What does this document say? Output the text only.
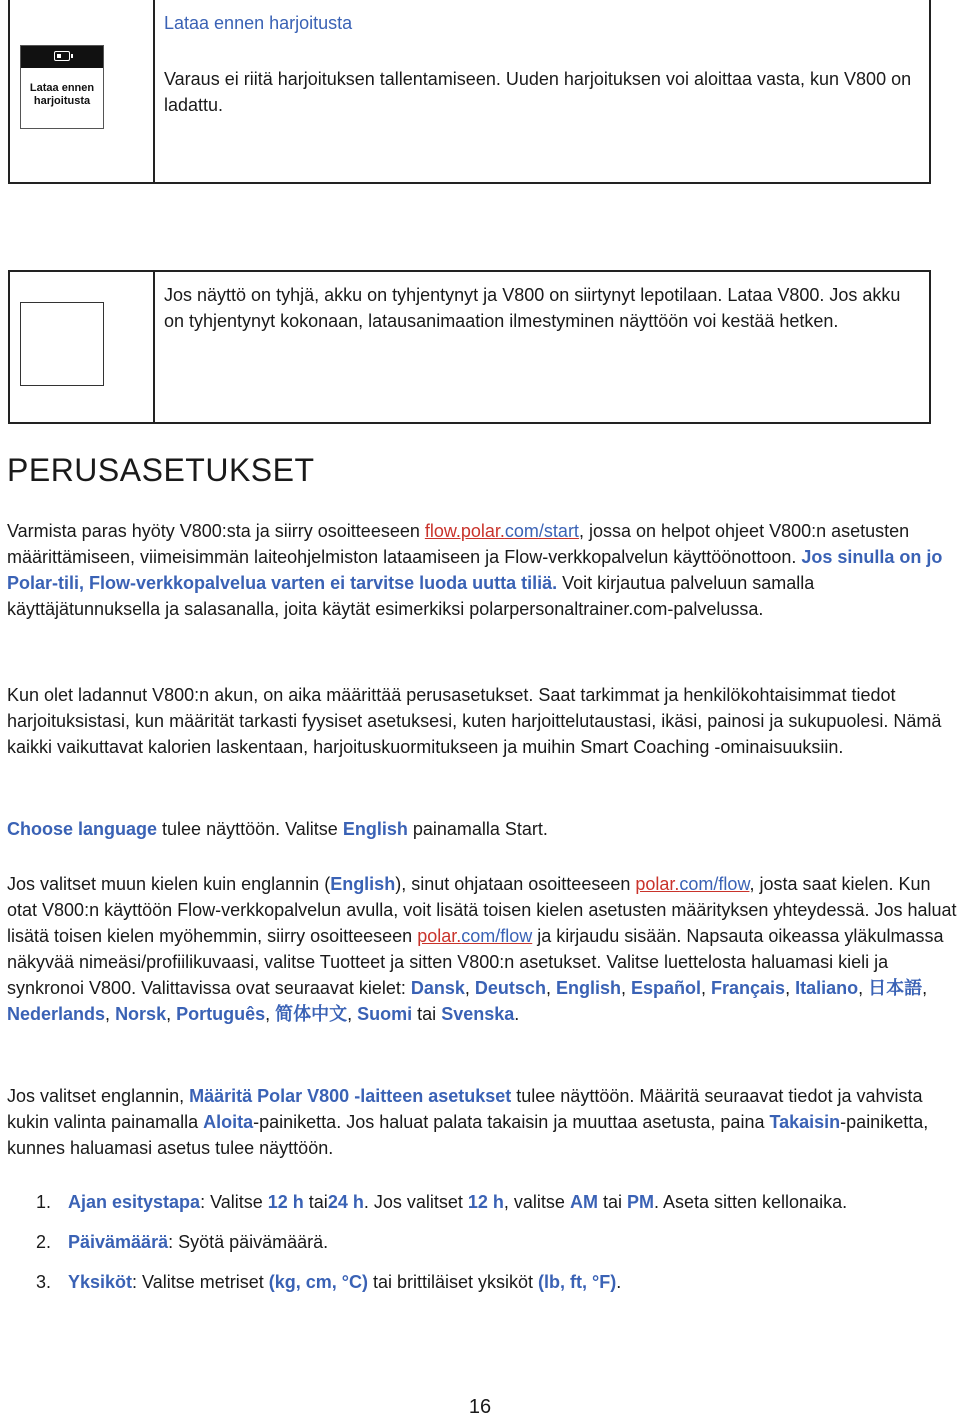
Lataa ennen harjoitusta
Lataa ennen harjoitusta
Varaus ei riitä harjoituksen tallentamiseen. Uuden harjoituksen voi aloittaa vasta, kun V800 on ladattu.
Jos näyttö on tyhjä, akku on tyhjentynyt ja V800 on siirtynyt lepotilaan. Lataa V800. Jos akku on tyhjentynyt kokonaan, latausanimaation ilmestyminen näyttöön voi kestää hetken.
PERUSASETUKSET
Varmista paras hyöty V800:sta ja siirry osoitteeseen flow.polar.com/start, jossa on helpot ohjeet V800:n asetusten määrittämiseen, viimeisimmän laiteohjelmiston lataamiseen ja Flow-verkkopalvelun käyttöönottoon. Jos sinulla on jo Polar-tili, Flow-verkkopalvelua varten ei tarvitse luoda uutta tiliä. Voit kirjautua palveluun samalla käyttäjätunnuksella ja salasanalla, joita käytät esimerkiksi polarpersonaltrainer.com-palvelussa.
Kun olet ladannut V800:n akun, on aika määrittää perusasetukset. Saat tarkimmat ja henkilökohtaisimmat tiedot harjoituksistasi, kun määrität tarkasti fyysiset asetuksesi, kuten harjoittelutaustasi, ikäsi, painosi ja sukupuolesi. Nämä kaikki vaikuttavat kalorien laskentaan, harjoituskuormitukseen ja muihin Smart Coaching -ominaisuuksiin.
Choose language tulee näyttöön. Valitse English painamalla Start.
Jos valitset muun kielen kuin englannin (English), sinut ohjataan osoitteeseen polar.com/flow, josta saat kielen. Kun otat V800:n käyttöön Flow-verkkopalvelun avulla, voit lisätä toisen kielen asetusten määrityksen yhteydessä. Jos haluat lisätä toisen kielen myöhemmin, siirry osoitteeseen polar.com/flow ja kirjaudu sisään. Napsauta oikeassa yläkulmassa näkyvää nimeäsi/profiilikuvaasi, valitse Tuotteet ja sitten V800:n asetukset. Valitse luettelosta haluamasi kieli ja synkronoi V800. Valittavissa ovat seuraavat kielet: Dansk, Deutsch, English, Español, Français, Italiano, 日本語, Nederlands, Norsk, Português, 简体中文, Suomi tai Svenska.
Jos valitset englannin, Määritä Polar V800 -laitteen asetukset tulee näyttöön. Määritä seuraavat tiedot ja vahvista kukin valinta painamalla Aloita-painiketta. Jos haluat palata takaisin ja muuttaa asetusta, paina Takaisin-painiketta, kunnes haluamasi asetus tulee näyttöön.
1. Ajan esitystapa: Valitse 12 h tai24 h. Jos valitset 12 h, valitse AM tai PM. Aseta sitten kellonaika.
2. Päivämäärä: Syötä päivämäärä.
3. Yksiköt: Valitse metriset (kg, cm, °C) tai brittiläiset yksiköt (lb, ft, °F).
16
